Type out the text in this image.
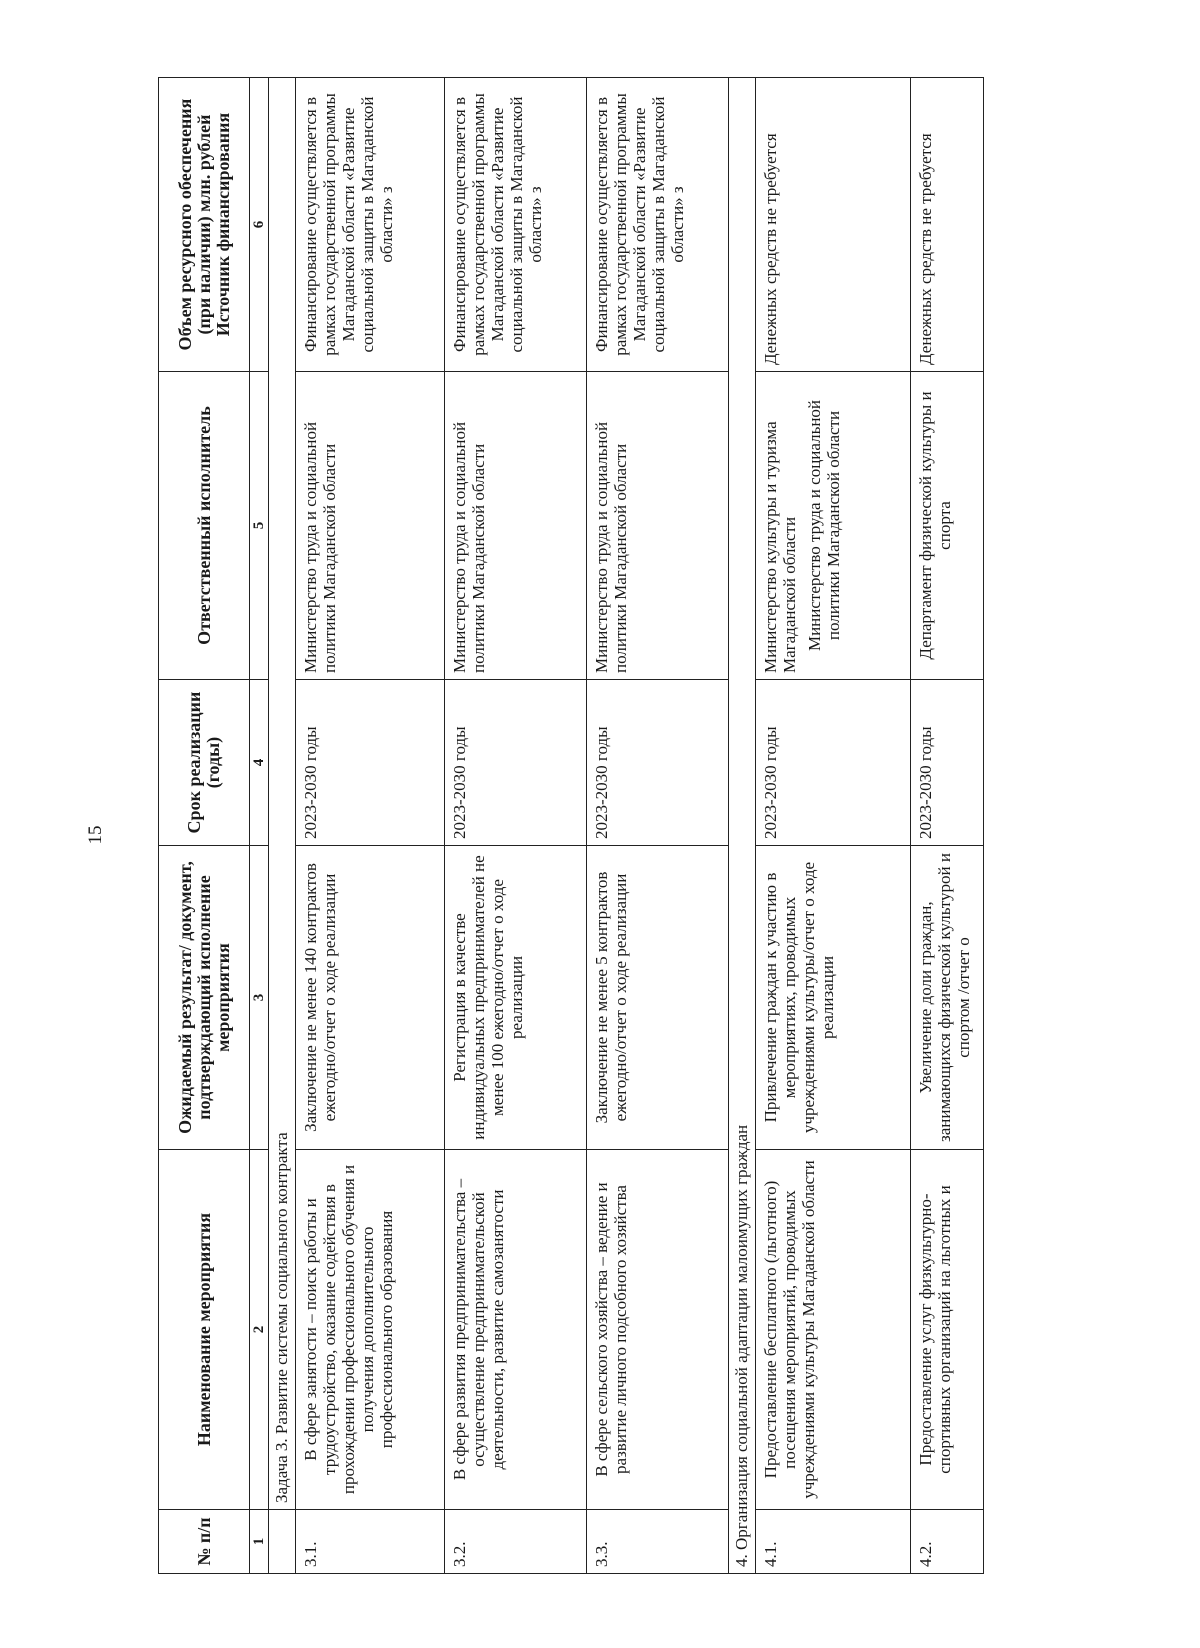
15
№ п/п	Наименование мероприятия	Ожидаемый результат/ документ, подтверждающий исполнение мероприятия	Срок реализации (годы)	Ответственный исполнитель	Объем ресурсного обеспечения (при наличии) млн. рублей Источник финансирования
1	2	3	4	5	6
	Задача 3. Развитие системы социального контракта				
3.1.	В сфере занятости – поиск работы и трудоустройство, оказание содействия в прохождении профессионального обучения и получения дополнительного профессионального образования	Заключение не менее 140 контрактов ежегодно/отчет о ходе реализации	2023-2030 годы	Министерство труда и социальной политики Магаданской области	Финансирование осуществляется в рамках государственной программы Магаданской области «Развитие социальной защиты в Магаданской области» з
3.2.	В сфере развития предпринимательства – осуществление предпринимательской деятельности, развитие самозанятости	Регистрация в качестве индивидуальных предпринимателей не менее 100 ежегодно/отчет о ходе реализации	2023-2030 годы	Министерство труда и социальной политики Магаданской области	Финансирование осуществляется в рамках государственной программы Магаданской области «Развитие социальной защиты в Магаданской области» з
3.3.	В сфере сельского хозяйства – ведение и развитие личного подсобного хозяйства	Заключение не менее 5 контрактов ежегодно/отчет о ходе реализации	2023-2030 годы	Министерство труда и социальной политики Магаданской области	Финансирование осуществляется в рамках государственной программы Магаданской области «Развитие социальной защиты в Магаданской области» з
4. Организация социальной адаптации малоимущих граждан					
4.1.	Предоставление бесплатного (льготного) посещения мероприятий, проводимых учреждениями культуры Магаданской области	Привлечение граждан к участию в мероприятиях, проводимых учреждениями культуры/отчет о ходе реализации	2023-2030 годы	Министерство культуры и туризма Магаданской области Министерство труда и социальной политики Магаданской области	Денежных средств не требуется
4.2.	Предоставление услуг физкультурно-спортивных организаций на льготных и	Увеличение доли граждан, занимающихся физической культурой и спортом /отчет о	2023-2030 годы	Департамент физической культуры и спорта	Денежных средств не требуется
